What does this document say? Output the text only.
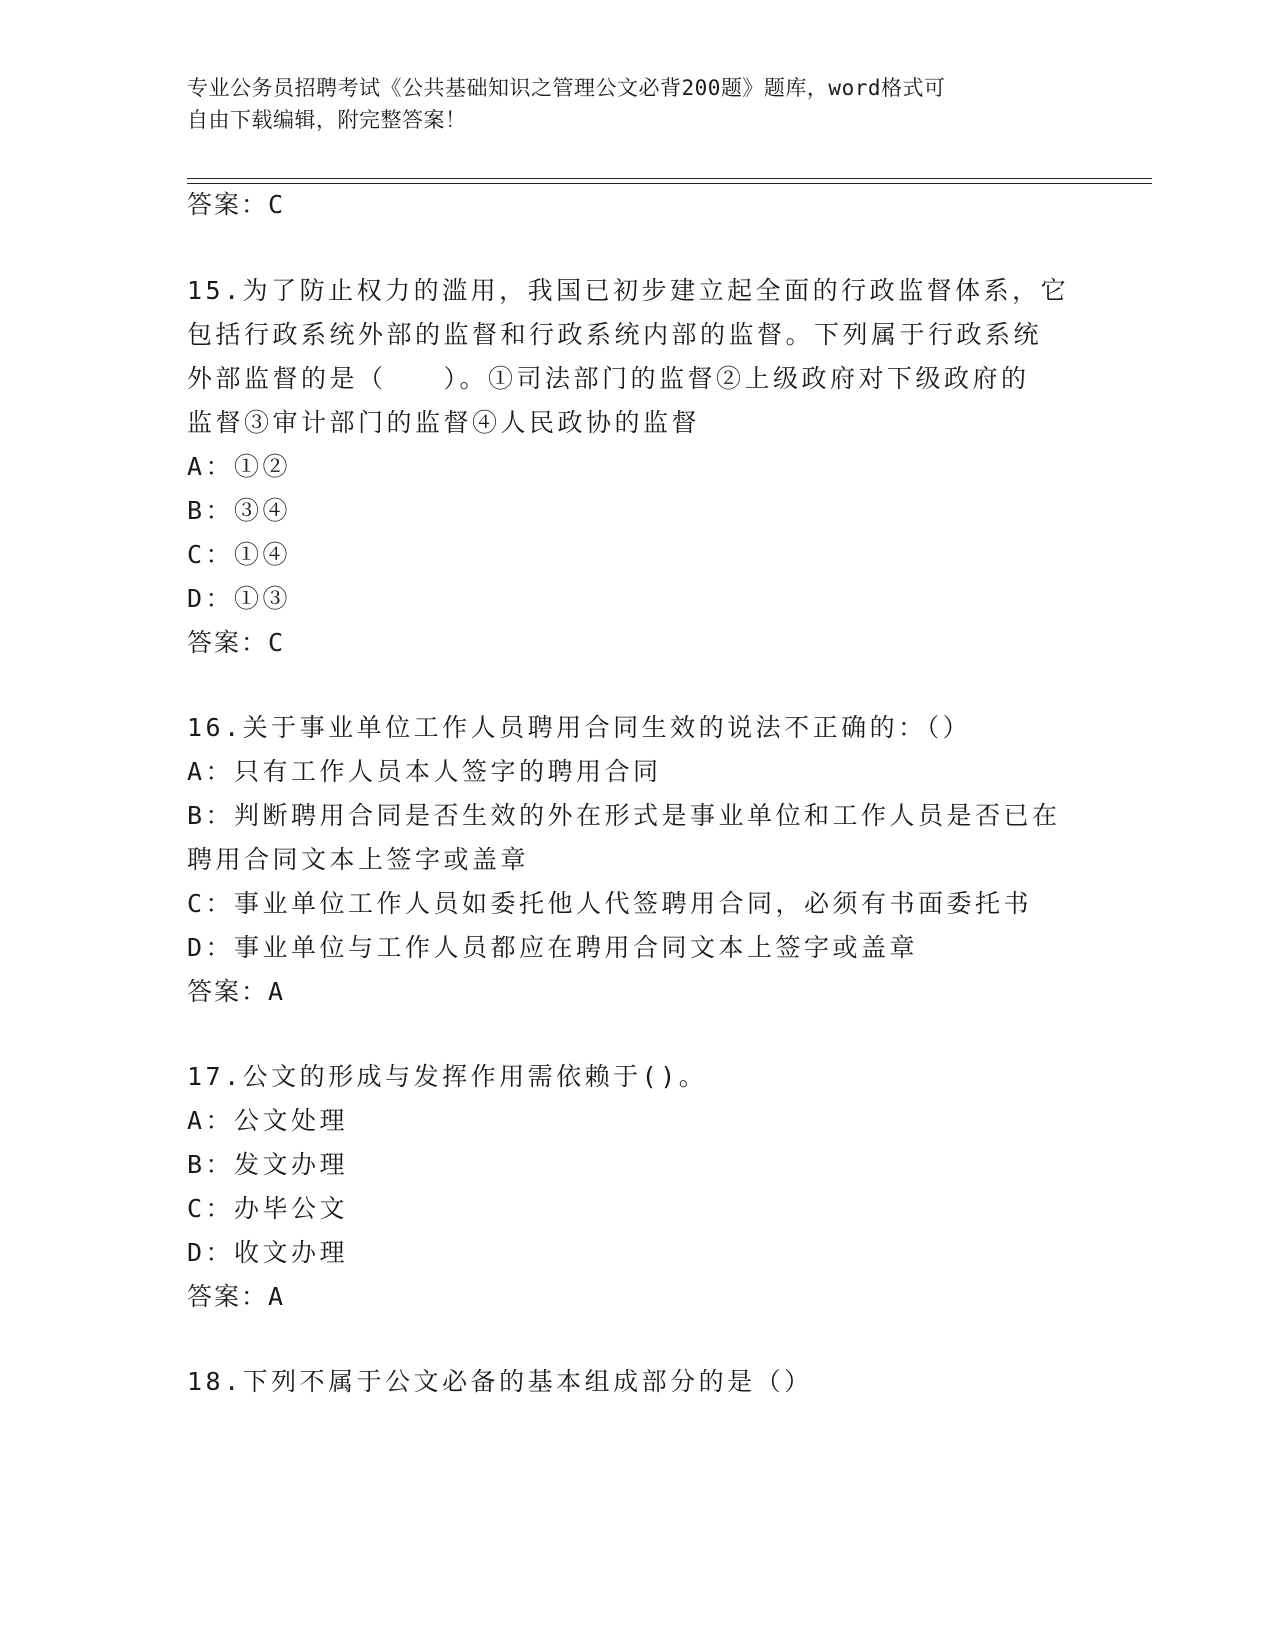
专业公务员招聘考试《公共基础知识之管理公文必背200题》题库，word格式可
自由下载编辑，附完整答案！
答案：C
15.为了防止权力的滥用，我国已初步建立起全面的行政监督体系，它
包括行政系统外部的监督和行政系统内部的监督。下列属于行政系统
外部监督的是（　　）。①司法部门的监督②上级政府对下级政府的
监督③审计部门的监督④人民政协的监督
A：①②
B：③④
C：①④
D：①③
答案：C
16.关于事业单位工作人员聘用合同生效的说法不正确的：（）
A：只有工作人员本人签字的聘用合同
B：判断聘用合同是否生效的外在形式是事业单位和工作人员是否已在
聘用合同文本上签字或盖章
C：事业单位工作人员如委托他人代签聘用合同，必须有书面委托书
D：事业单位与工作人员都应在聘用合同文本上签字或盖章
答案：A
17.公文的形成与发挥作用需依赖于()。
A：公文处理
B：发文办理
C：办毕公文
D：收文办理
答案：A
18.下列不属于公文必备的基本组成部分的是（）
